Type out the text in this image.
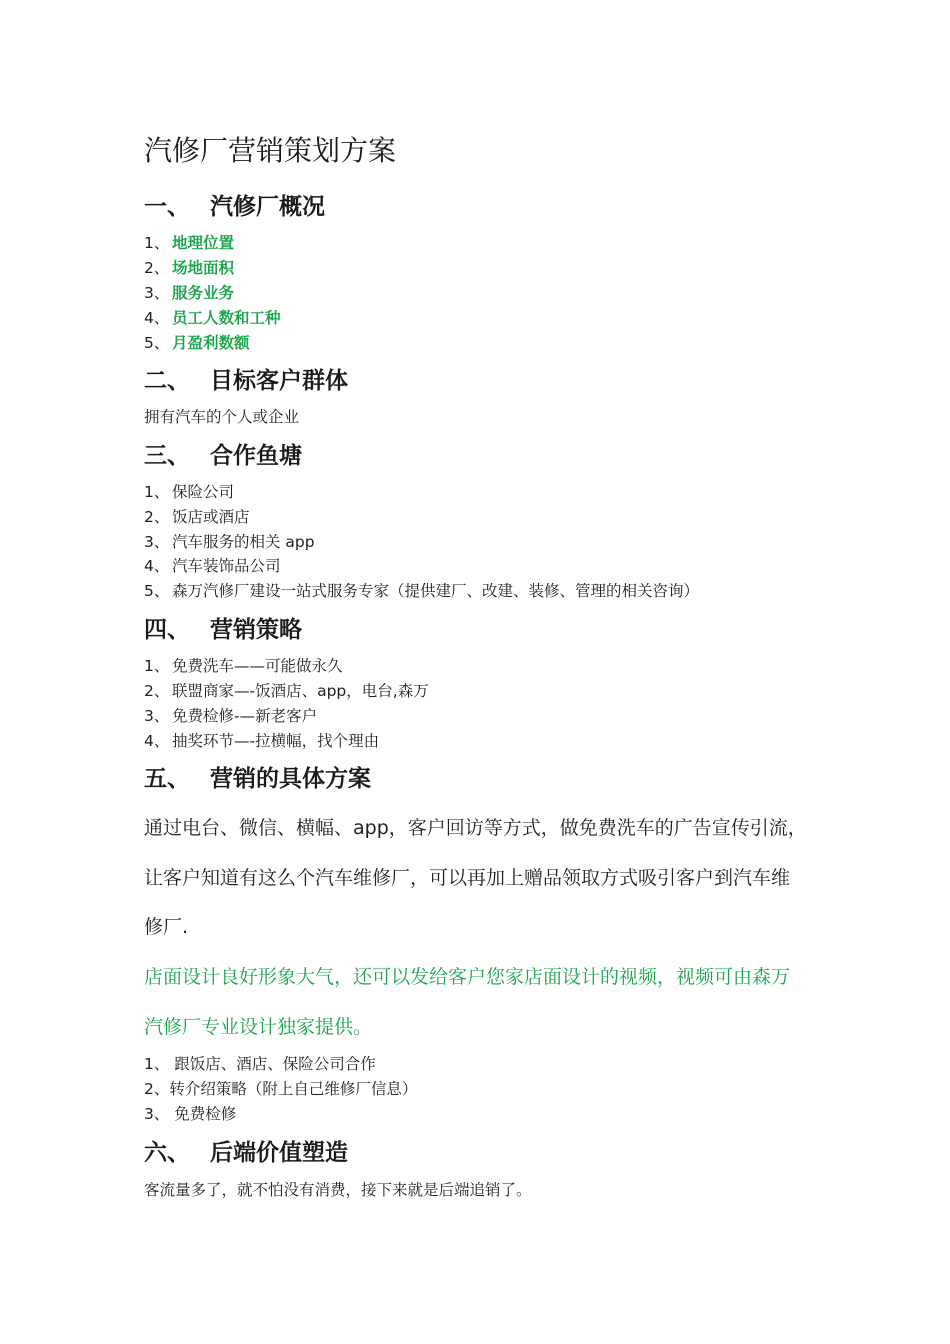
汽修厂营销策划方案
一、 汽修厂概况
1、 地理位置
2、 场地面积
3、 服务业务
4、 员工人数和工种
5、 月盈利数额
二、 目标客户群体
拥有汽车的个人或企业
三、 合作鱼塘
1、 保险公司
2、 饭店或酒店
3、 汽车服务的相关 app
4、 汽车装饰品公司
5、 森万汽修厂建设一站式服务专家（提供建厂、改建、装修、管理的相关咨询）
四、 营销策略
1、 免费洗车——可能做永久
2、 联盟商家—-饭酒店、app，电台,森万
3、 免费检修-—新老客户
4、 抽奖环节—-拉横幅，找个理由
五、 营销的具体方案
通过电台、微信、横幅、app，客户回访等方式，做免费洗车的广告宣传引流，
让客户知道有这么个汽车维修厂，可以再加上赠品领取方式吸引客户到汽车维
修厂.
店面设计良好形象大气，还可以发给客户您家店面设计的视频，视频可由森万
汽修厂专业设计独家提供。
1、 跟饭店、酒店、保险公司合作
2、转介绍策略（附上自己维修厂信息）
3、 免费检修
六、 后端价值塑造
客流量多了，就不怕没有消费，接下来就是后端追销了。
